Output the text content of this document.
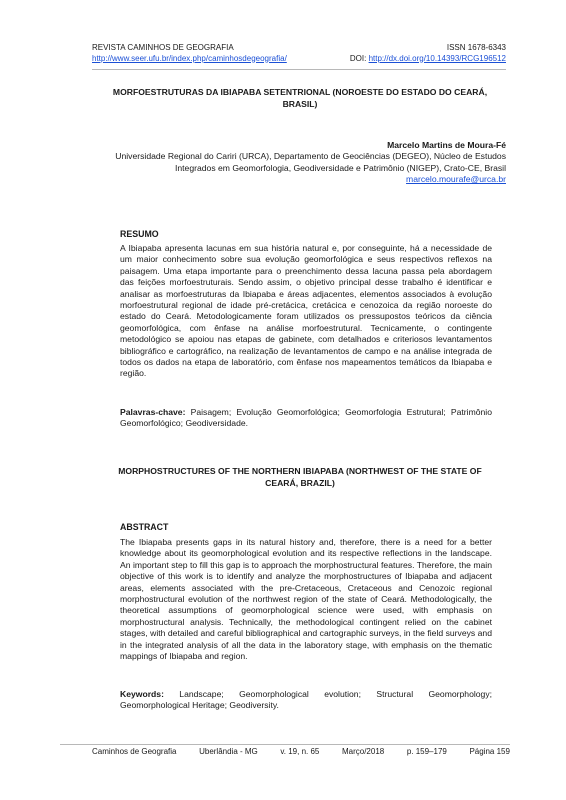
REVISTA CAMINHOS DE GEOGRAFIA
http://www.seer.ufu.br/index.php/caminhosdegeografia/
ISSN 1678-6343
DOI: http://dx.doi.org/10.14393/RCG196512
MORFOESTRUTURAS DA IBIAPABA SETENTRIONAL (NOROESTE DO ESTADO DO CEARÁ, BRASIL)
Marcelo Martins de Moura-Fé
Universidade Regional do Cariri (URCA), Departamento de Geociências (DEGEO), Núcleo de Estudos Integrados em Geomorfologia, Geodiversidade e Patrimônio (NIGEP), Crato-CE, Brasil
marcelo.mourafe@urca.br
RESUMO

A Ibiapaba apresenta lacunas em sua história natural e, por conseguinte, há a necessidade de um maior conhecimento sobre sua evolução geomorfológica e seus respectivos reflexos na paisagem. Uma etapa importante para o preenchimento dessa lacuna passa pela abordagem das feições morfoestruturais. Sendo assim, o objetivo principal desse trabalho é identificar e analisar as morfoestruturas da Ibiapaba e áreas adjacentes, elementos associados à evolução morfoestrutural regional de idade pré-cretácica, cretácica e cenozoica da região noroeste do estado do Ceará. Metodologicamente foram utilizados os pressupostos teóricos da ciência geomorfológica, com ênfase na análise morfoestrutural. Tecnicamente, o contingente metodológico se apoiou nas etapas de gabinete, com detalhados e criteriosos levantamentos bibliográfico e cartográfico, na realização de levantamentos de campo e na análise integrada de todos os dados na etapa de laboratório, com ênfase nos mapeamentos temáticos da Ibiapaba e região.

Palavras-chave: Paisagem; Evolução Geomorfológica; Geomorfologia Estrutural; Patrimônio Geomorfológico; Geodiversidade.

MORPHOSTRUCTURES OF THE NORTHERN IBIAPABA (NORTHWEST OF THE STATE OF CEARÁ, BRAZIL)
ABSTRACT

The Ibiapaba presents gaps in its natural history and, therefore, there is a need for a better knowledge about its geomorphological evolution and its respective reflections in the landscape. An important step to fill this gap is to approach the morphostructural features. Therefore, the main objective of this work is to identify and analyze the morphostructures of Ibiapaba and adjacent areas, elements associated with the pre-Cretaceous, Cretaceous and Cenozoic regional morphostructural evolution of the northwest region of the state of Ceará. Methodologically, the theoretical assumptions of geomorphological science were used, with emphasis on morphostructural analysis. Technically, the methodological contingent relied on the cabinet stages, with detailed and careful bibliographical and cartographic surveys, in the field surveys and in the integrated analysis of all the data in the laboratory stage, with emphasis on the thematic mappings of Ibiapaba and region.

Keywords: Landscape; Geomorphological evolution; Structural Geomorphology; Geomorphological Heritage; Geodiversity.

Caminhos de Geografia	Uberlândia - MG	v. 19, n. 65	Março/2018	p. 159–179	Página 159
